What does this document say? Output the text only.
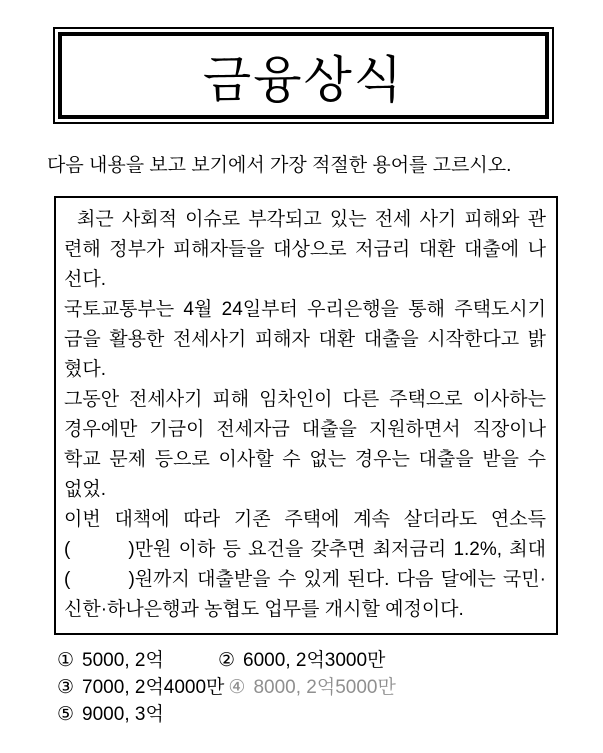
금융상식
다음 내용을 보고 보기에서 가장 적절한 용어를 고르시오.
최근 사회적 이슈로 부각되고 있는 전세 사기 피해와 관
련해 정부가 피해자들을 대상으로 저금리 대환 대출에 나
선다.
국토교통부는 4월 24일부터 우리은행을 통해 주택도시기
금을 활용한 전세사기 피해자 대환 대출을 시작한다고 밝
혔다.
그동안 전세사기 피해 임차인이 다른 주택으로 이사하는
경우에만 기금이 전세자금 대출을 지원하면서 직장이나
학교 문제 등으로 이사할 수 없는 경우는 대출을 받을 수
없었.
이번 대책에 따라 기존 주택에 계속 살더라도 연소득
(        )만원 이하 등 요건을 갖추면 최저금리 1.2%, 최대
(        )원까지 대출받을 수 있게 된다. 다음 달에는 국민·
신한·하나은행과 농협도 업무를 개시할 예정이다.
① 5000, 2억	② 6000, 2억3000만
③ 7000, 2억4000만 ④ 8000, 2억5000만
⑤ 9000, 3억
